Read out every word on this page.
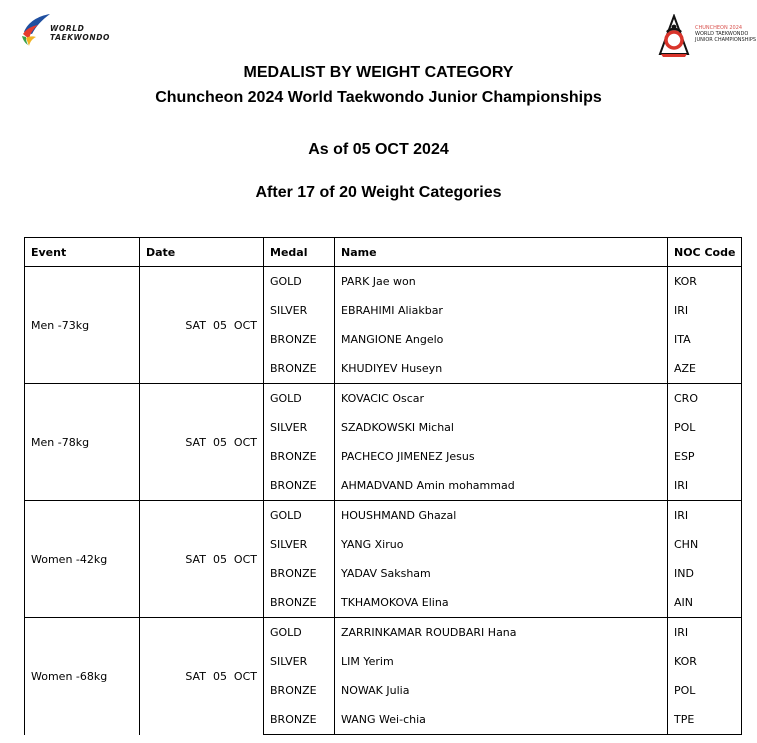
WORLD
TAEKWONDO
CHUNCHEON 2024
WORLD TAEKWONDO
JUNIOR CHAMPIONSHIPS
MEDALIST BY WEIGHT CATEGORY
Chuncheon 2024 World Taekwondo Junior Championships
As of 05 OCT 2024
After 17 of 20 Weight Categories
Event	Date	Medal	Name	NOC Code
Men -73kg	SAT  05  OCT	GOLD	PARK Jae won	KOR
		SILVER	EBRAHIMI Aliakbar	IRI
		BRONZE	MANGIONE Angelo	ITA
		BRONZE	KHUDIYEV Huseyn	AZE
Men -78kg	SAT  05  OCT	GOLD	KOVACIC Oscar	CRO
		SILVER	SZADKOWSKI Michal	POL
		BRONZE	PACHECO JIMENEZ Jesus	ESP
		BRONZE	AHMADVAND Amin mohammad	IRI
Women -42kg	SAT  05  OCT	GOLD	HOUSHMAND Ghazal	IRI
		SILVER	YANG Xiruo	CHN
		BRONZE	YADAV Saksham	IND
		BRONZE	TKHAMOKOVA Elina	AIN
Women -68kg	SAT  05  OCT	GOLD	ZARRINKAMAR ROUDBARI Hana	IRI
		SILVER	LIM Yerim	KOR
		BRONZE	NOWAK Julia	POL
		BRONZE	WANG Wei-chia	TPE
